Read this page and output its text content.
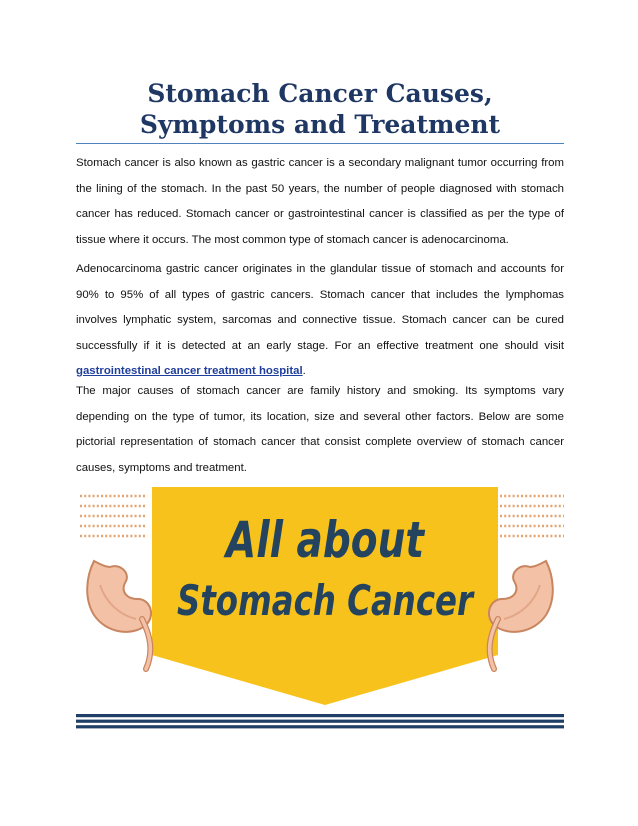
Stomach Cancer Causes, Symptoms and Treatment

Stomach cancer is also known as gastric cancer is a secondary malignant tumor occurring from the lining of the stomach. In the past 50 years, the number of people diagnosed with stomach cancer has reduced. Stomach cancer or gastrointestinal cancer is classified as per the type of tissue where it occurs. The most common type of stomach cancer is adenocarcinoma.

Adenocarcinoma gastric cancer originates in the glandular tissue of stomach and accounts for 90% to 95% of all types of gastric cancers. Stomach cancer that includes the lymphomas involves lymphatic system, sarcomas and connective tissue. Stomach cancer can be cured successfully if it is detected at an early stage. For an effective treatment one should visit gastrointestinal cancer treatment hospital.

The major causes of stomach cancer are family history and smoking. Its symptoms vary depending on the type of tumor, its location, size and several other factors. Below are some pictorial representation of stomach cancer that consist complete overview of stomach cancer causes, symptoms and treatment.

All about
Stomach Cancer
